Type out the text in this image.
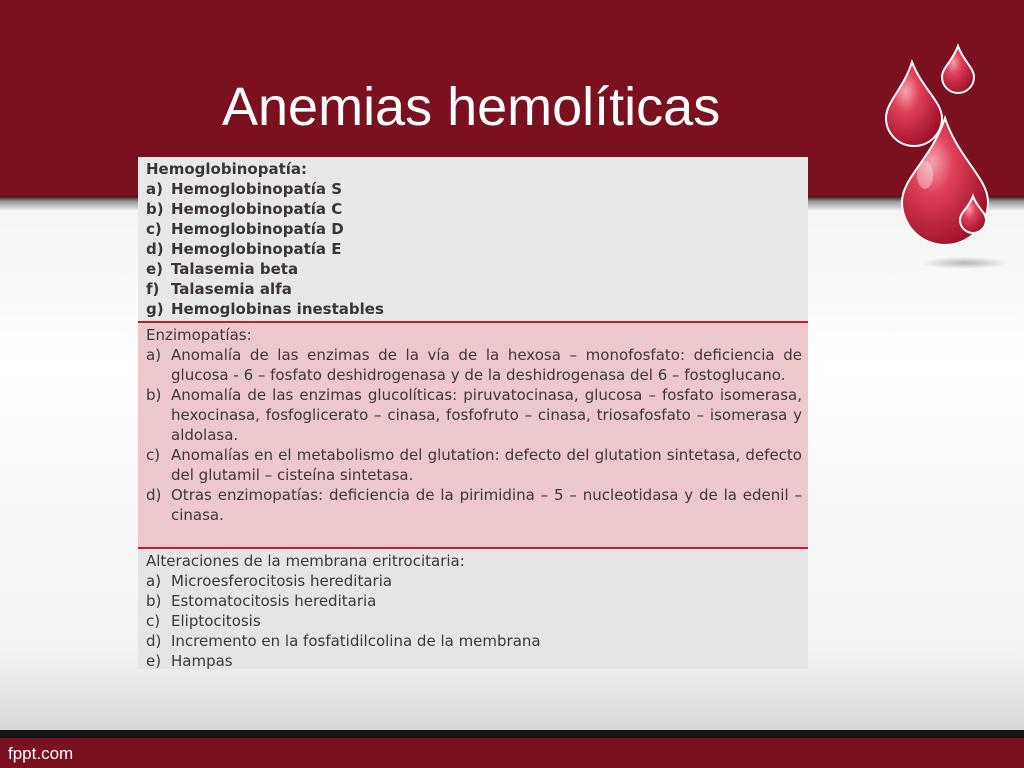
Anemias hemolíticas
Hemoglobinopatía:
a) Hemoglobinopatía S
b) Hemoglobinopatía C
c) Hemoglobinopatía D
d) Hemoglobinopatía E
e) Talasemia beta
f) Talasemia alfa
g) Hemoglobinas inestables
Enzimopatías:
a) Anomalía de las enzimas de la vía de la hexosa – monofosfato: deficiencia de glucosa - 6 – fosfato deshidrogenasa y de la deshidrogenasa del 6 – fostoglucano.
b) Anomalía de las enzimas glucolíticas: piruvatocinasa, glucosa – fosfato isomerasa, hexocinasa, fosfoglicerato – cinasa, fosfofruto – cinasa, triosafosfato – isomerasa y aldolasa.
c) Anomalías en el metabolismo del glutation: defecto del glutation sintetasa, defecto del glutamil – cisteína sintetasa.
d) Otras enzimopatías: deficiencia de la pirimidina – 5 – nucleotidasa y de la edenil – cinasa.
Alteraciones de la membrana eritrocitaria:
a) Microesferocitosis hereditaria
b) Estomatocitosis hereditaria
c) Eliptocitosis
d) Incremento en la fosfatidilcolina de la membrana
e) Hampas
fppt.com
